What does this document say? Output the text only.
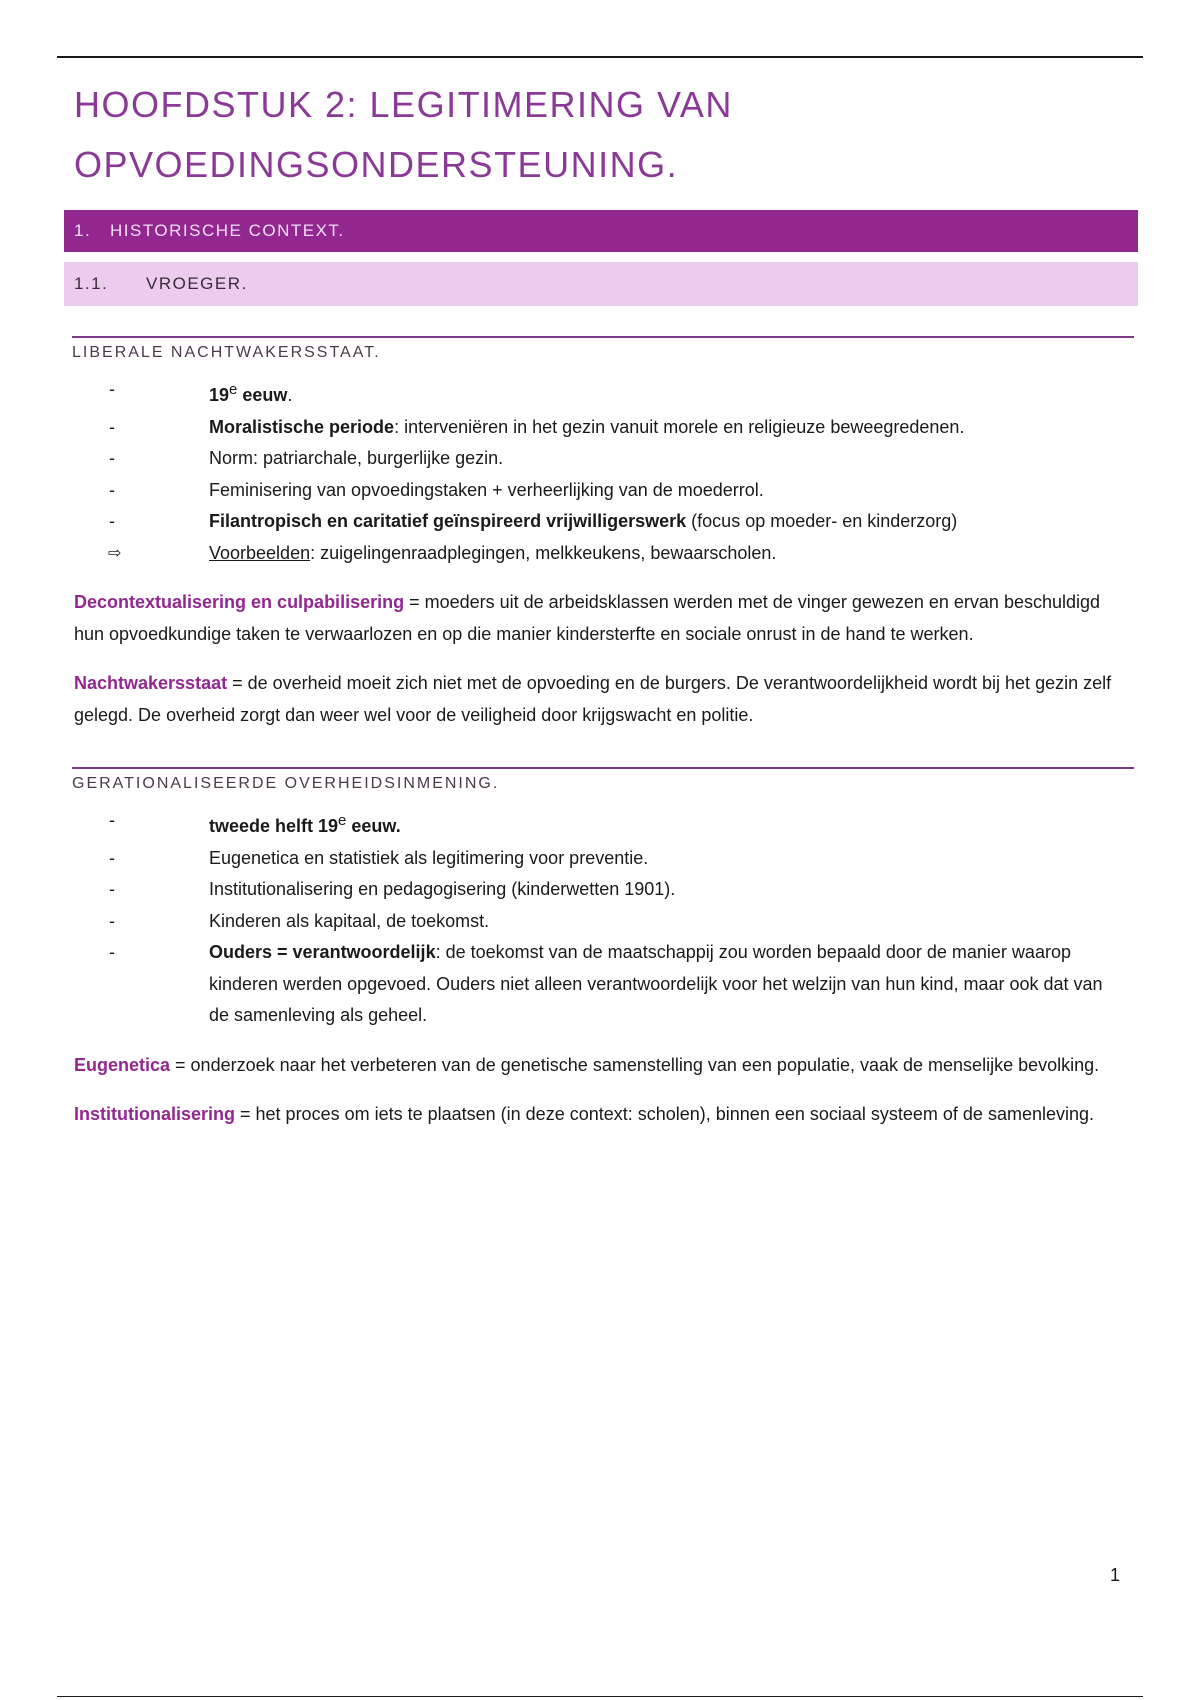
HOOFDSTUK 2: LEGITIMERING VAN
OPVOEDINGSONDERSTEUNING.
1.	HISTORISCHE CONTEXT.
1.1.	VROEGER.
LIBERALE NACHTWAKERSSTAAT.
-	19e eeuw.
-	Moralistische periode: interveniëren in het gezin vanuit morele en religieuze beweegredenen.
-	Norm: patriarchale, burgerlijke gezin.
-	Feminisering van opvoedingstaken + verheerlijking van de moederrol.
-	Filantropisch en caritatief geïnspireerd vrijwilligerswerk (focus op moeder- en kinderzorg)
⇨	Voorbeelden: zuigelingenraadplegingen, melkkeukens, bewaarscholen.

Decontextualisering en culpabilisering = moeders uit de arbeidsklassen werden met de vinger gewezen en ervan beschuldigd hun opvoedkundige taken te verwaarlozen en op die manier kindersterfte en sociale onrust in de hand te werken.

Nachtwakersstaat = de overheid moeit zich niet met de opvoeding en de burgers. De verantwoordelijkheid wordt bij het gezin zelf gelegd. De overheid zorgt dan weer wel voor de veiligheid door krijgswacht en politie.

GERATIONALISEERDE OVERHEIDSINMENING.
-	tweede helft 19e eeuw.
-	Eugenetica en statistiek als legitimering voor preventie.
-	Institutionalisering en pedagogisering (kinderwetten 1901).
-	Kinderen als kapitaal, de toekomst.
-	Ouders = verantwoordelijk: de toekomst van de maatschappij zou worden bepaald door de manier waarop kinderen werden opgevoed. Ouders niet alleen verantwoordelijk voor het welzijn van hun kind, maar ook dat van de samenleving als geheel.

Eugenetica = onderzoek naar het verbeteren van de genetische samenstelling van een populatie, vaak de menselijke bevolking.

Institutionalisering = het proces om iets te plaatsen (in deze context: scholen), binnen een sociaal systeem of de samenleving.

1
